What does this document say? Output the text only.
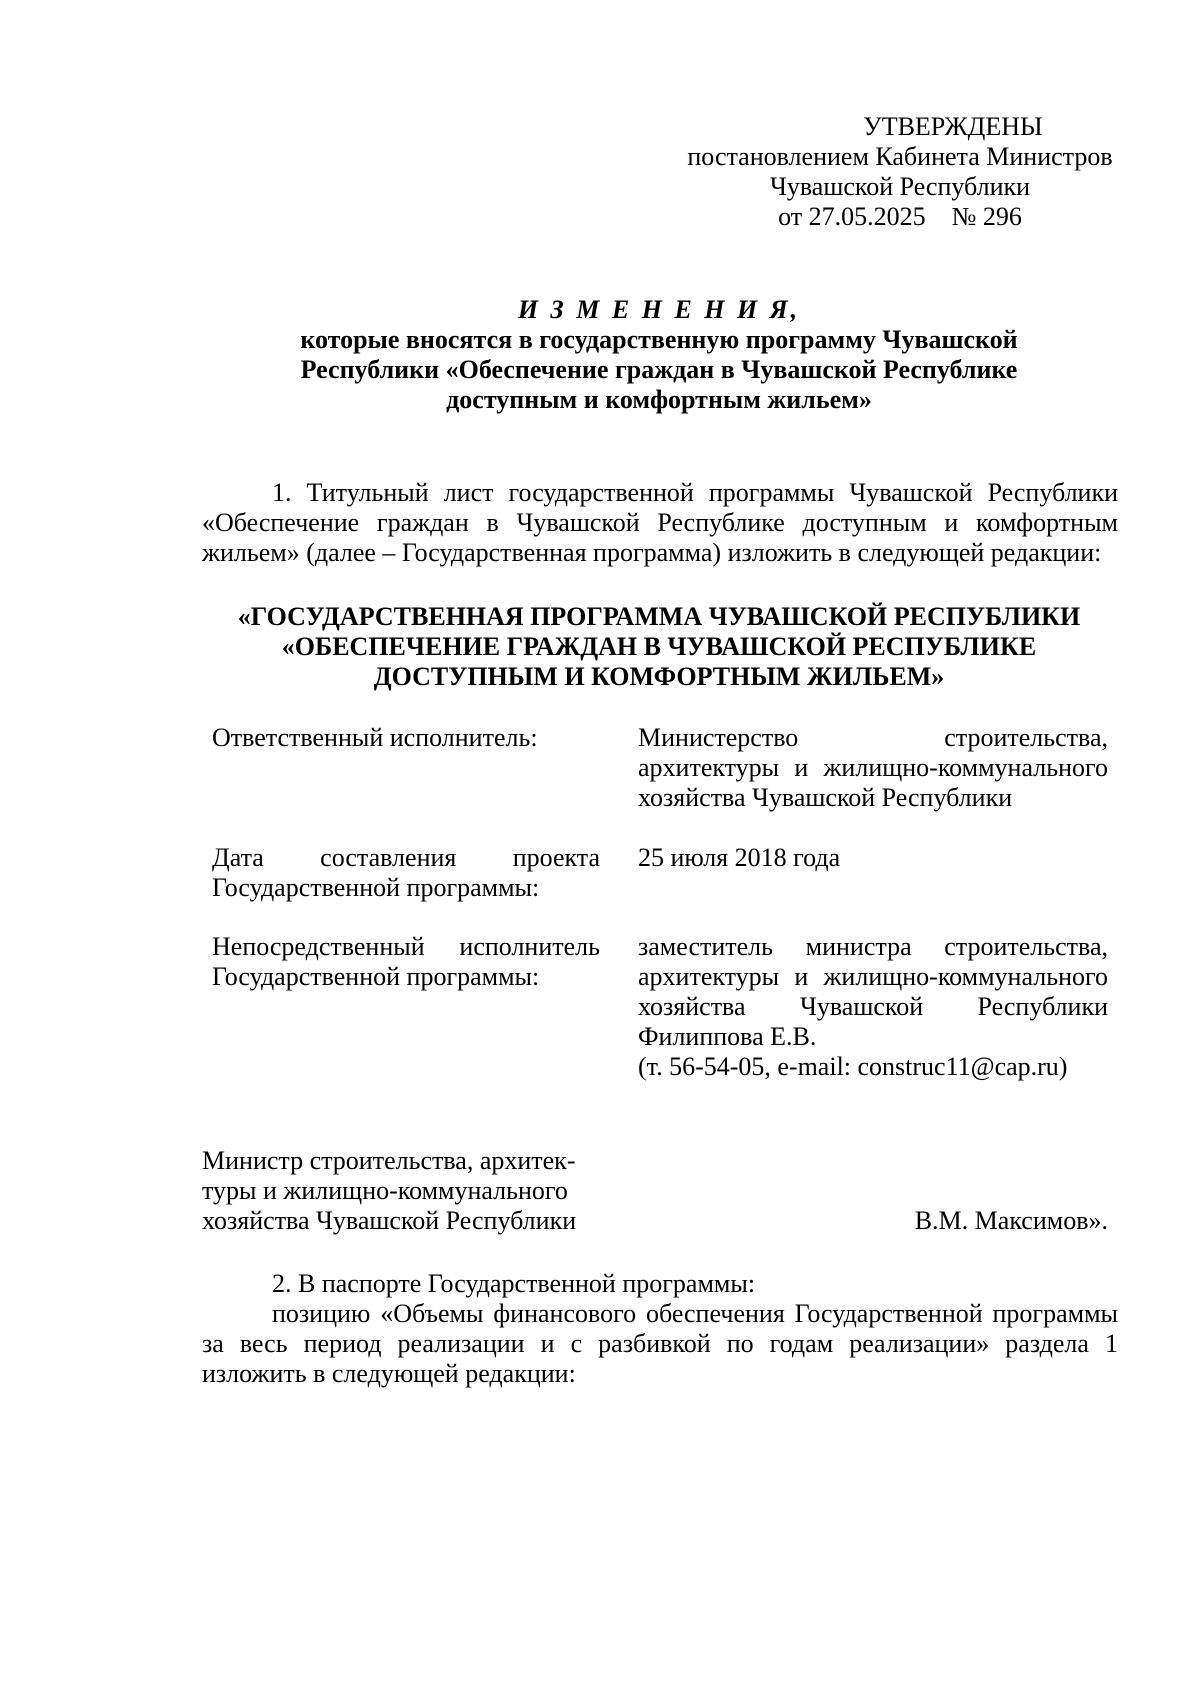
УТВЕРЖДЕНЫ
постановлением Кабинета Министров
Чувашской Республики
от 27.05.2025    № 296
И З М Е Н Е Н И Я,
которые вносятся в государственную программу Чувашской
Республики «Обеспечение граждан в Чувашской Республике
доступным и комфортным жильем»
1. Титульный лист государственной программы Чувашской Республики «Обеспечение граждан в Чувашской Республике доступным и комфортным жильем» (далее – Государственная программа) изложить в следующей редакции:
«ГОСУДАРСТВЕННАЯ ПРОГРАММА ЧУВАШСКОЙ РЕСПУБЛИКИ
«ОБЕСПЕЧЕНИЕ ГРАЖДАН В ЧУВАШСКОЙ РЕСПУБЛИКЕ
ДОСТУПНЫМ И КОМФОРТНЫМ ЖИЛЬЕМ»
Ответственный исполнитель:	Министерство строительства, архитектуры и жилищно-коммунального хозяйства Чувашской Республики
Дата составления проекта Государственной программы:
25 июля 2018 года
Непосредственный исполнитель Государственной программы:
заместитель министра строительства, архитектуры и жилищно-коммунального хозяйства Чувашской Республики Филиппова Е.В.
(т. 56-54-05, e-mail: construc11@cap.ru)
Министр строительства, архитек-
туры и жилищно-коммунального
хозяйства Чувашской Республики	В.М. Максимов».
2. В паспорте Государственной программы:
позицию «Объемы финансового обеспечения Государственной программы за весь период реализации и с разбивкой по годам реализации» раздела 1 изложить в следующей редакции:
